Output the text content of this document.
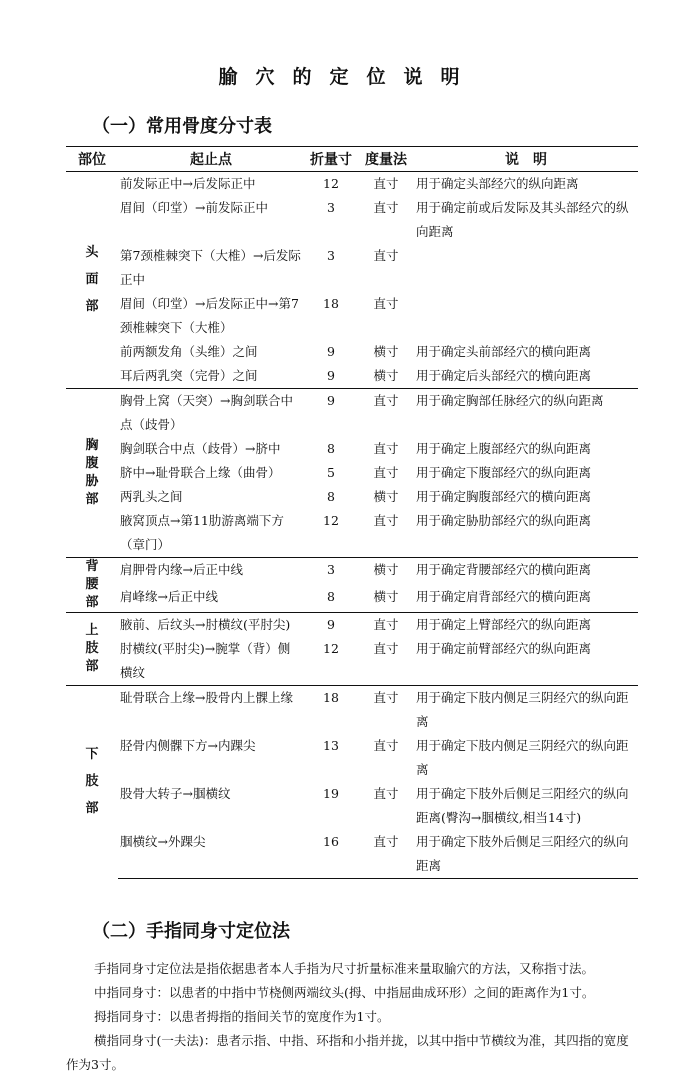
腧穴的定位说明
（一）常用骨度分寸表
部位	起止点	折量寸	度量法	说　明

头
面
部	前发际正中→后发际正中	12	直寸	用于确定头部经穴的纵向距离
	眉间（印堂）→前发际正中	3	直寸	用于确定前或后发际及其头部经穴的纵向距离
	第7颈椎棘突下（大椎）→后发际正中	3	直寸	
	眉间（印堂）→后发际正中→第7颈椎棘突下（大椎）	18	直寸	
	前两额发角（头维）之间	9	横寸	用于确定头前部经穴的横向距离
	耳后两乳突（完骨）之间	9	横寸	用于确定后头部经穴的横向距离

胸
腹
胁
部	胸骨上窝（天突）→胸剑联合中点（歧骨）	9	直寸	用于确定胸部任脉经穴的纵向距离
	胸剑联合中点（歧骨）→脐中	8	直寸	用于确定上腹部经穴的纵向距离
	脐中→耻骨联合上缘（曲骨）	5	直寸	用于确定下腹部经穴的纵向距离
	两乳头之间	8	横寸	用于确定胸腹部经穴的横向距离
	腋窝顶点→第11肋游离端下方（章门）	12	直寸	用于确定胁肋部经穴的纵向距离

背
腰
部	肩胛骨内缘→后正中线	3	横寸	用于确定背腰部经穴的横向距离
	肩峰缘→后正中线	8	横寸	用于确定肩背部经穴的横向距离

上
肢
部	腋前、后纹头→肘横纹(平肘尖)	9	直寸	用于确定上臂部经穴的纵向距离
	肘横纹(平肘尖)→腕掌（背）侧横纹	12	直寸	用于确定前臂部经穴的纵向距离

下
肢
部	耻骨联合上缘→股骨内上髁上缘	18	直寸	用于确定下肢内侧足三阴经穴的纵向距离
	胫骨内侧髁下方→内踝尖	13	直寸	用于确定下肢内侧足三阴经穴的纵向距离
	股骨大转子→腘横纹	19	直寸	用于确定下肢外后侧足三阳经穴的纵向距离(臀沟→腘横纹,相当14寸)
	腘横纹→外踝尖	16	直寸	用于确定下肢外后侧足三阳经穴的纵向距离
（二）手指同身寸定位法

手指同身寸定位法是指依据患者本人手指为尺寸折量标准来量取腧穴的方法，又称指寸法。

中指同身寸：以患者的中指中节桡侧两端纹头(拇、中指屈曲成环形）之间的距离作为1寸。

拇指同身寸：以患者拇指的指间关节的宽度作为1寸。

横指同身寸(一夫法)：患者示指、中指、环指和小指并拢，以其中指中节横纹为准，其四指的宽度作为3寸。
